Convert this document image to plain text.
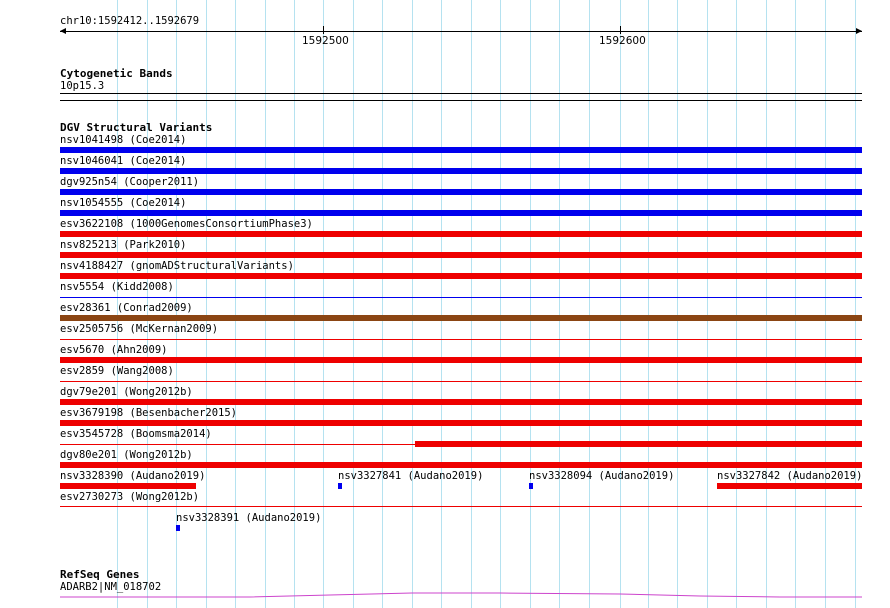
chr10:1592412..1592679
1592500	1592600
Cytogenetic Bands
10p15.3
DGV Structural Variants
nsv1041498 (Coe2014)
nsv1046041 (Coe2014)
dgv925n54 (Cooper2011)
nsv1054555 (Coe2014)
esv3622108 (1000GenomesConsortiumPhase3)
nsv825213 (Park2010)
nsv4188427 (gnomADStructuralVariants)
nsv5554 (Kidd2008)
esv28361 (Conrad2009)
esv2505756 (McKernan2009)
esv5670 (Ahn2009)
esv2859 (Wang2008)
dgv79e201 (Wong2012b)
esv3679198 (Besenbacher2015)
esv3545728 (Boomsma2014)
dgv80e201 (Wong2012b)
nsv3328390 (Audano2019)	nsv3327841 (Audano2019)	nsv3328094 (Audano2019)	nsv3327842 (Audano2019)
esv2730273 (Wong2012b)
nsv3328391 (Audano2019)
RefSeq Genes
ADARB2|NM_018702
